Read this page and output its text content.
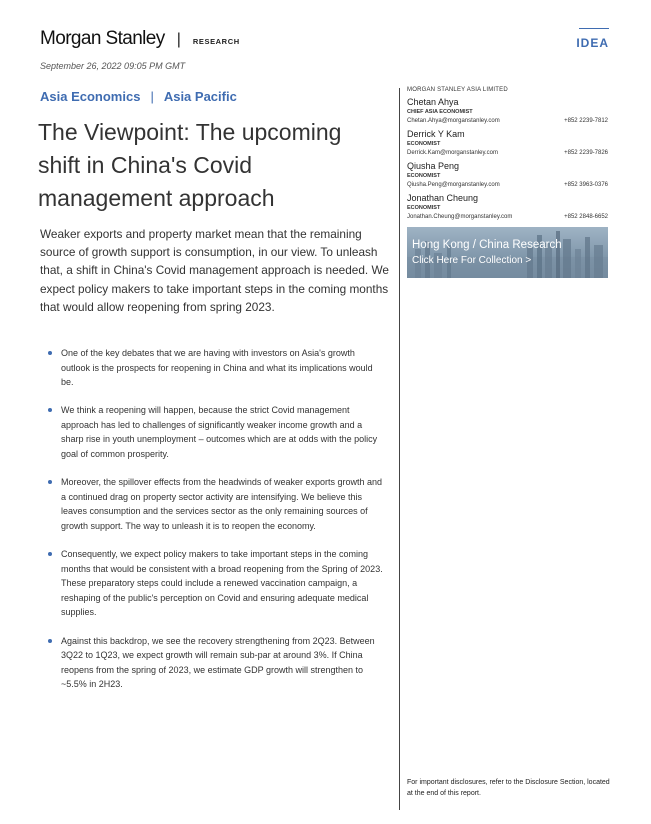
Morgan Stanley | RESEARCH	IDEA
September 26, 2022 09:05 PM GMT
Asia Economics | Asia Pacific
The Viewpoint: The upcoming shift in China's Covid management approach

Weaker exports and property market mean that the remaining source of growth support is consumption, in our view. To unleash that, a shift in China's Covid management approach is needed. We expect policy makers to take important steps in the coming months that would allow reopening from spring 2023.

One of the key debates that we are having with investors on Asia's growth outlook is the prospects for reopening in China and what its implications would be.
We think a reopening will happen, because the strict Covid management approach has led to challenges of significantly weaker income growth and a sharp rise in youth unemployment – outcomes which are at odds with the policy goal of common prosperity.
Moreover, the spillover effects from the headwinds of weaker exports growth and a continued drag on property sector activity are intensifying. We believe this leaves consumption and the services sector as the only remaining sources of growth support. The way to unleash it is to reopen the economy.
Consequently, we expect policy makers to take important steps in the coming months that would be consistent with a broad reopening from the Spring of 2023. These preparatory steps could include a renewed vaccination campaign, a reshaping of the public's perception on Covid and ensuring adequate medical supplies.
Against this backdrop, we see the recovery strengthening from 2Q23. Between 3Q22 to 1Q23, we expect growth will remain sub-par at around 3%. If China reopens from the spring of 2023, we estimate GDP growth will strengthen to ~5.5% in 2H23.
MORGAN STANLEY ASIA LIMITED
Chetan Ahya
CHIEF ASIA ECONOMIST
Chetan.Ahya@morganstanley.com	+852 2239-7812
Derrick Y Kam
ECONOMIST
Derrick.Kam@morganstanley.com	+852 2239-7826
Qiusha Peng
ECONOMIST
Qiusha.Peng@morganstanley.com	+852 3963-0376
Jonathan Cheung
ECONOMIST
Jonathan.Cheung@morganstanley.com	+852 2848-6652
Hong Kong / China Research
Click Here For Collection >
For important disclosures, refer to the Disclosure Section, located at the end of this report.
